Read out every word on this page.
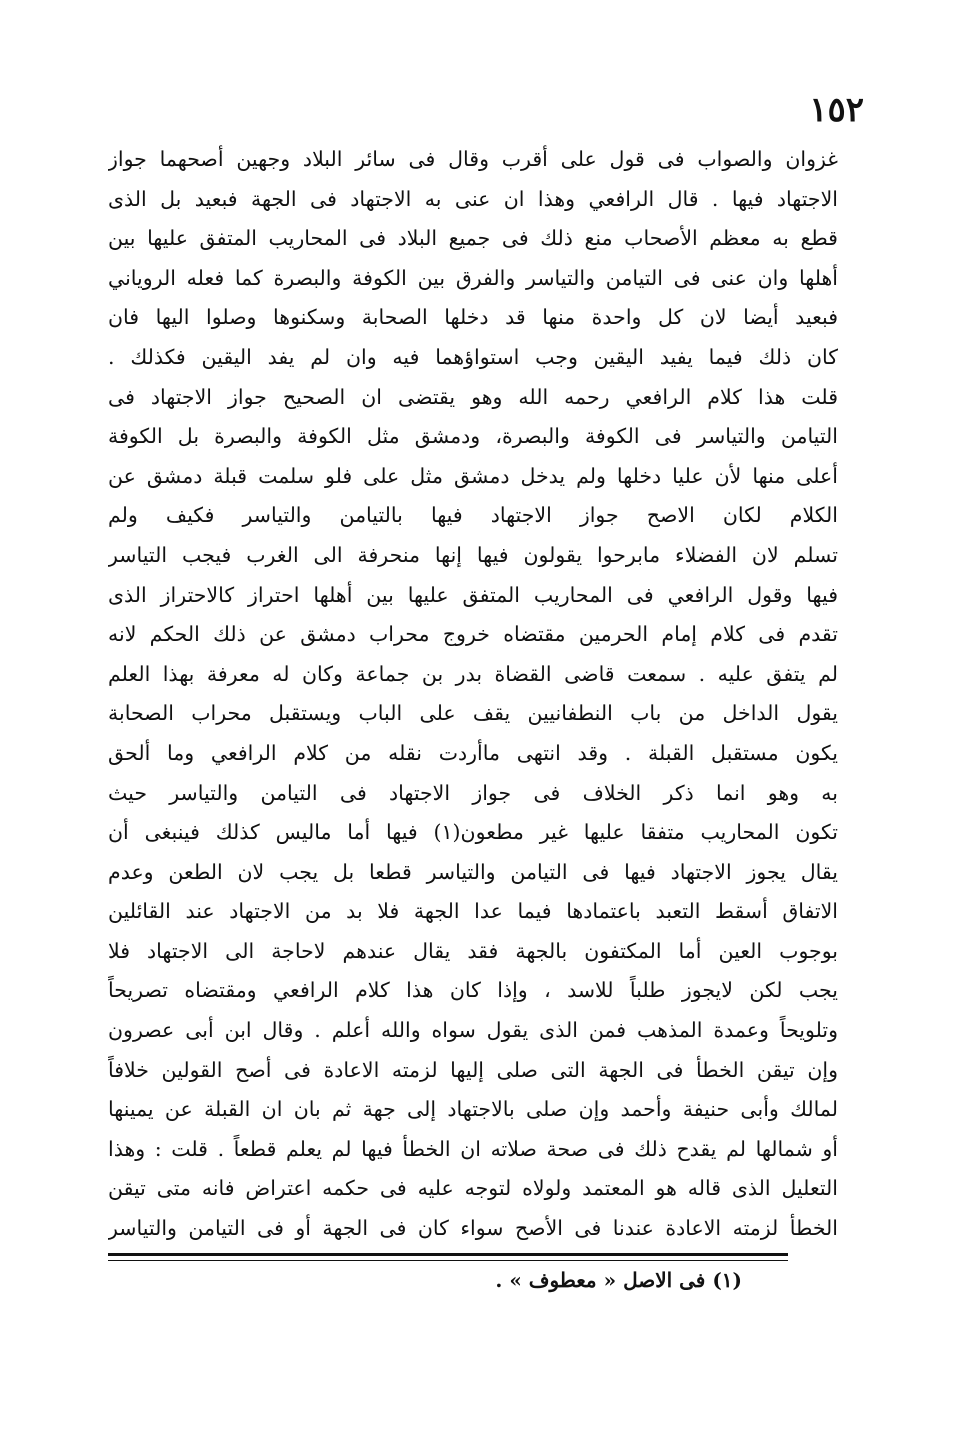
١٥٢
غزوان والصواب فى قول على أقرب وقال فى سائر البلاد وجهين أصحهما جواز
الاجتهاد فيها . قال الرافعي وهذا ان عنى به الاجتهاد فى الجهة فبعيد بل الذى
قطع به معظم الأصحاب منع ذلك فى جميع البلاد فى المحاريب المتفق عليها بين
أهلها وان عنى فى التيامن والتياسر والفرق بين الكوفة والبصرة كما فعله الروياني
فبعيد أيضا لان كل واحدة منها قد دخلها الصحابة وسكنوها وصلوا اليها فان
كان ذلك فيما يفيد اليقين وجب استواؤهما فيه وان لم يفد اليقين فكذلك .
قلت هذا كلام الرافعي رحمه الله وهو يقتضى ان الصحيح جواز الاجتهاد فى
التيامن والتياسر فى الكوفة والبصرة، ودمشق مثل الكوفة والبصرة بل الكوفة
أعلى منها لأن عليا دخلها ولم يدخل دمشق مثل على فلو سلمت قبلة دمشق عن
الكلام لكان الاصح جواز الاجتهاد فيها بالتيامن والتياسر فكيف ولم
تسلم لان الفضلاء مابرحوا يقولون فيها إنها منحرفة الى الغرب فيجب التياسر
فيها وقول الرافعي فى المحاريب المتفق عليها بين أهلها احتراز كالاحتراز الذى
تقدم فى كلام إمام الحرمين مقتضاه خروج محراب دمشق عن ذلك الحكم لانه
لم يتفق عليه . سمعت قاضى القضاة بدر بن جماعة وكان له معرفة بهذا العلم
يقول الداخل من باب النطفانيين يقف على الباب ويستقبل محراب الصحابة
يكون مستقبل القبلة . وقد انتهى ماأردت نقله من كلام الرافعي وما ألحق
به وهو انما ذكر الخلاف فى جواز الاجتهاد فى التيامن والتياسر حيث
تكون المحاريب متفقا عليها غير مطعون(١) فيها أما ماليس كذلك فينبغى أن
يقال يجوز الاجتهاد فيها فى التيامن والتياسر قطعا بل يجب لان الطعن وعدم
الاتفاق أسقط التعبد باعتمادها فيما عدا الجهة فلا بد من الاجتهاد عند القائلين
بوجوب العين أما المكتفون بالجهة فقد يقال عندهم لاحاجة الى الاجتهاد فلا
يجب لكن لايجوز طلباً للاسد ، وإذا كان هذا كلام الرافعي ومقتضاه تصريحاً
وتلويحاً وعمدة المذهب فمن الذى يقول سواه والله أعلم . وقال ابن أبى عصرون
وإن تيقن الخطأ فى الجهة التى صلى إليها لزمته الاعادة فى أصح القولين خلافاً
لمالك وأبى حنيفة وأحمد وإن صلى بالاجتهاد إلى جهة ثم بان ان القبلة عن يمينها
أو شمالها لم يقدح ذلك فى صحة صلاته ان الخطأ فيها لم يعلم قطعاً . قلت : وهذا
التعليل الذى قاله هو المعتمد ولولاه لتوجه عليه فى حكمه اعتراض فانه متى تيقن
الخطأ لزمته الاعادة عندنا فى الأصح سواء كان فى الجهة أو فى التيامن والتياسر
(١) فى الاصل « معطوف » .
